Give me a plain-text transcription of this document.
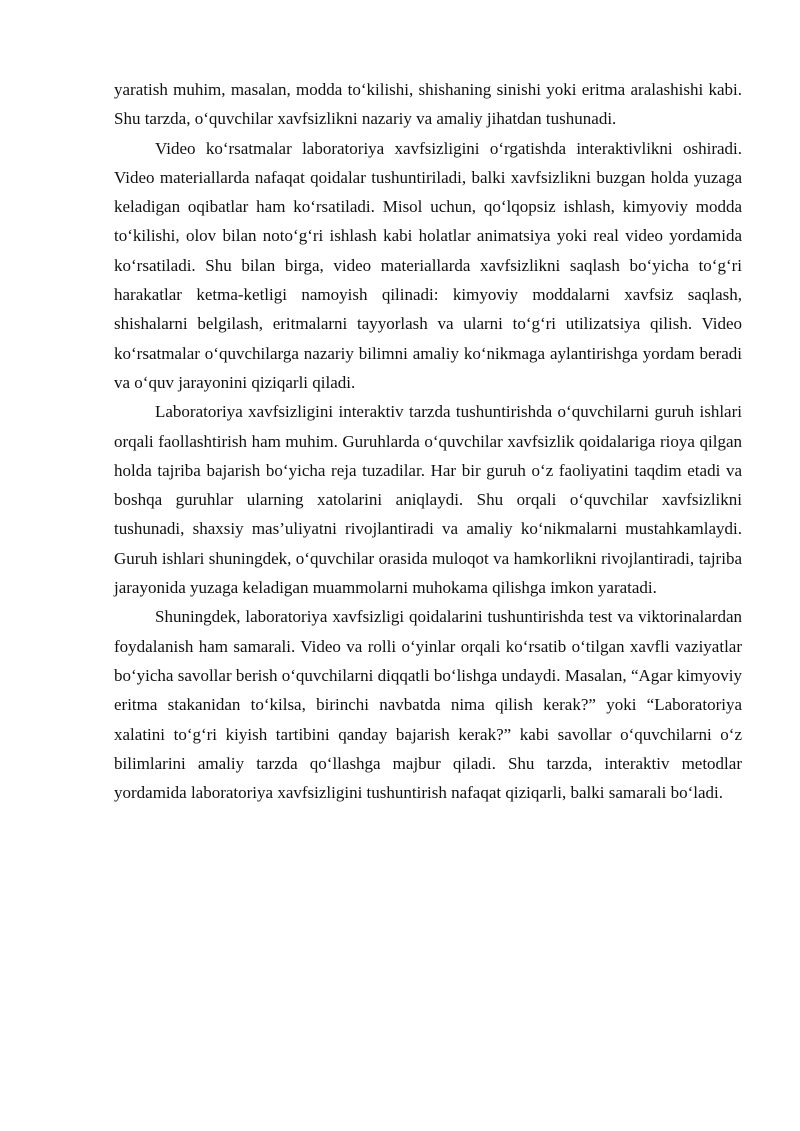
yaratish muhim, masalan, modda to‘kilishi, shishaning sinishi yoki eritma aralashishi kabi. Shu tarzda, o‘quvchilar xavfsizlikni nazariy va amaliy jihatdan tushunadi.

Video ko‘rsatmalar laboratoriya xavfsizligini o‘rgatishda interaktivlikni oshiradi. Video materiallarda nafaqat qoidalar tushuntiriladi, balki xavfsizlikni buzgan holda yuzaga keladigan oqibatlar ham ko‘rsatiladi. Misol uchun, qo‘lqopsiz ishlash, kimyoviy modda to‘kilishi, olov bilan noto‘g‘ri ishlash kabi holatlar animatsiya yoki real video yordamida ko‘rsatiladi. Shu bilan birga, video materiallarda xavfsizlikni saqlash bo‘yicha to‘g‘ri harakatlar ketma-ketligi namoyish qilinadi: kimyoviy moddalarni xavfsiz saqlash, shishalarni belgilash, eritmalarni tayyorlash va ularni to‘g‘ri utilizatsiya qilish. Video ko‘rsatmalar o‘quvchilarga nazariy bilimni amaliy ko‘nikmaga aylantirishga yordam beradi va o‘quv jarayonini qiziqarli qiladi.

Laboratoriya xavfsizligini interaktiv tarzda tushuntirishda o‘quvchilarni guruh ishlari orqali faollashtirish ham muhim. Guruhlarda o‘quvchilar xavfsizlik qoidalariga rioya qilgan holda tajriba bajarish bo‘yicha reja tuzadilar. Har bir guruh o‘z faoliyatini taqdim etadi va boshqa guruhlar ularning xatolarini aniqlaydi. Shu orqali o‘quvchilar xavfsizlikni tushunadi, shaxsiy mas’uliyatni rivojlantiradi va amaliy ko‘nikmalarni mustahkamlaydi. Guruh ishlari shuningdek, o‘quvchilar orasida muloqot va hamkorlikni rivojlantiradi, tajriba jarayonida yuzaga keladigan muammolarni muhokama qilishga imkon yaratadi.

Shuningdek, laboratoriya xavfsizligi qoidalarini tushuntirishda test va viktorinalardan foydalanish ham samarali. Video va rolli o‘yinlar orqali ko‘rsatib o‘tilgan xavfli vaziyatlar bo‘yicha savollar berish o‘quvchilarni diqqatli bo‘lishga undaydi. Masalan, “Agar kimyoviy eritma stakanidan to‘kilsa, birinchi navbatda nima qilish kerak?” yoki “Laboratoriya xalatini to‘g‘ri kiyish tartibini qanday bajarish kerak?” kabi savollar o‘quvchilarni o‘z bilimlarini amaliy tarzda qo‘llashga majbur qiladi. Shu tarzda, interaktiv metodlar yordamida laboratoriya xavfsizligini tushuntirish nafaqat qiziqarli, balki samarali bo‘ladi.
